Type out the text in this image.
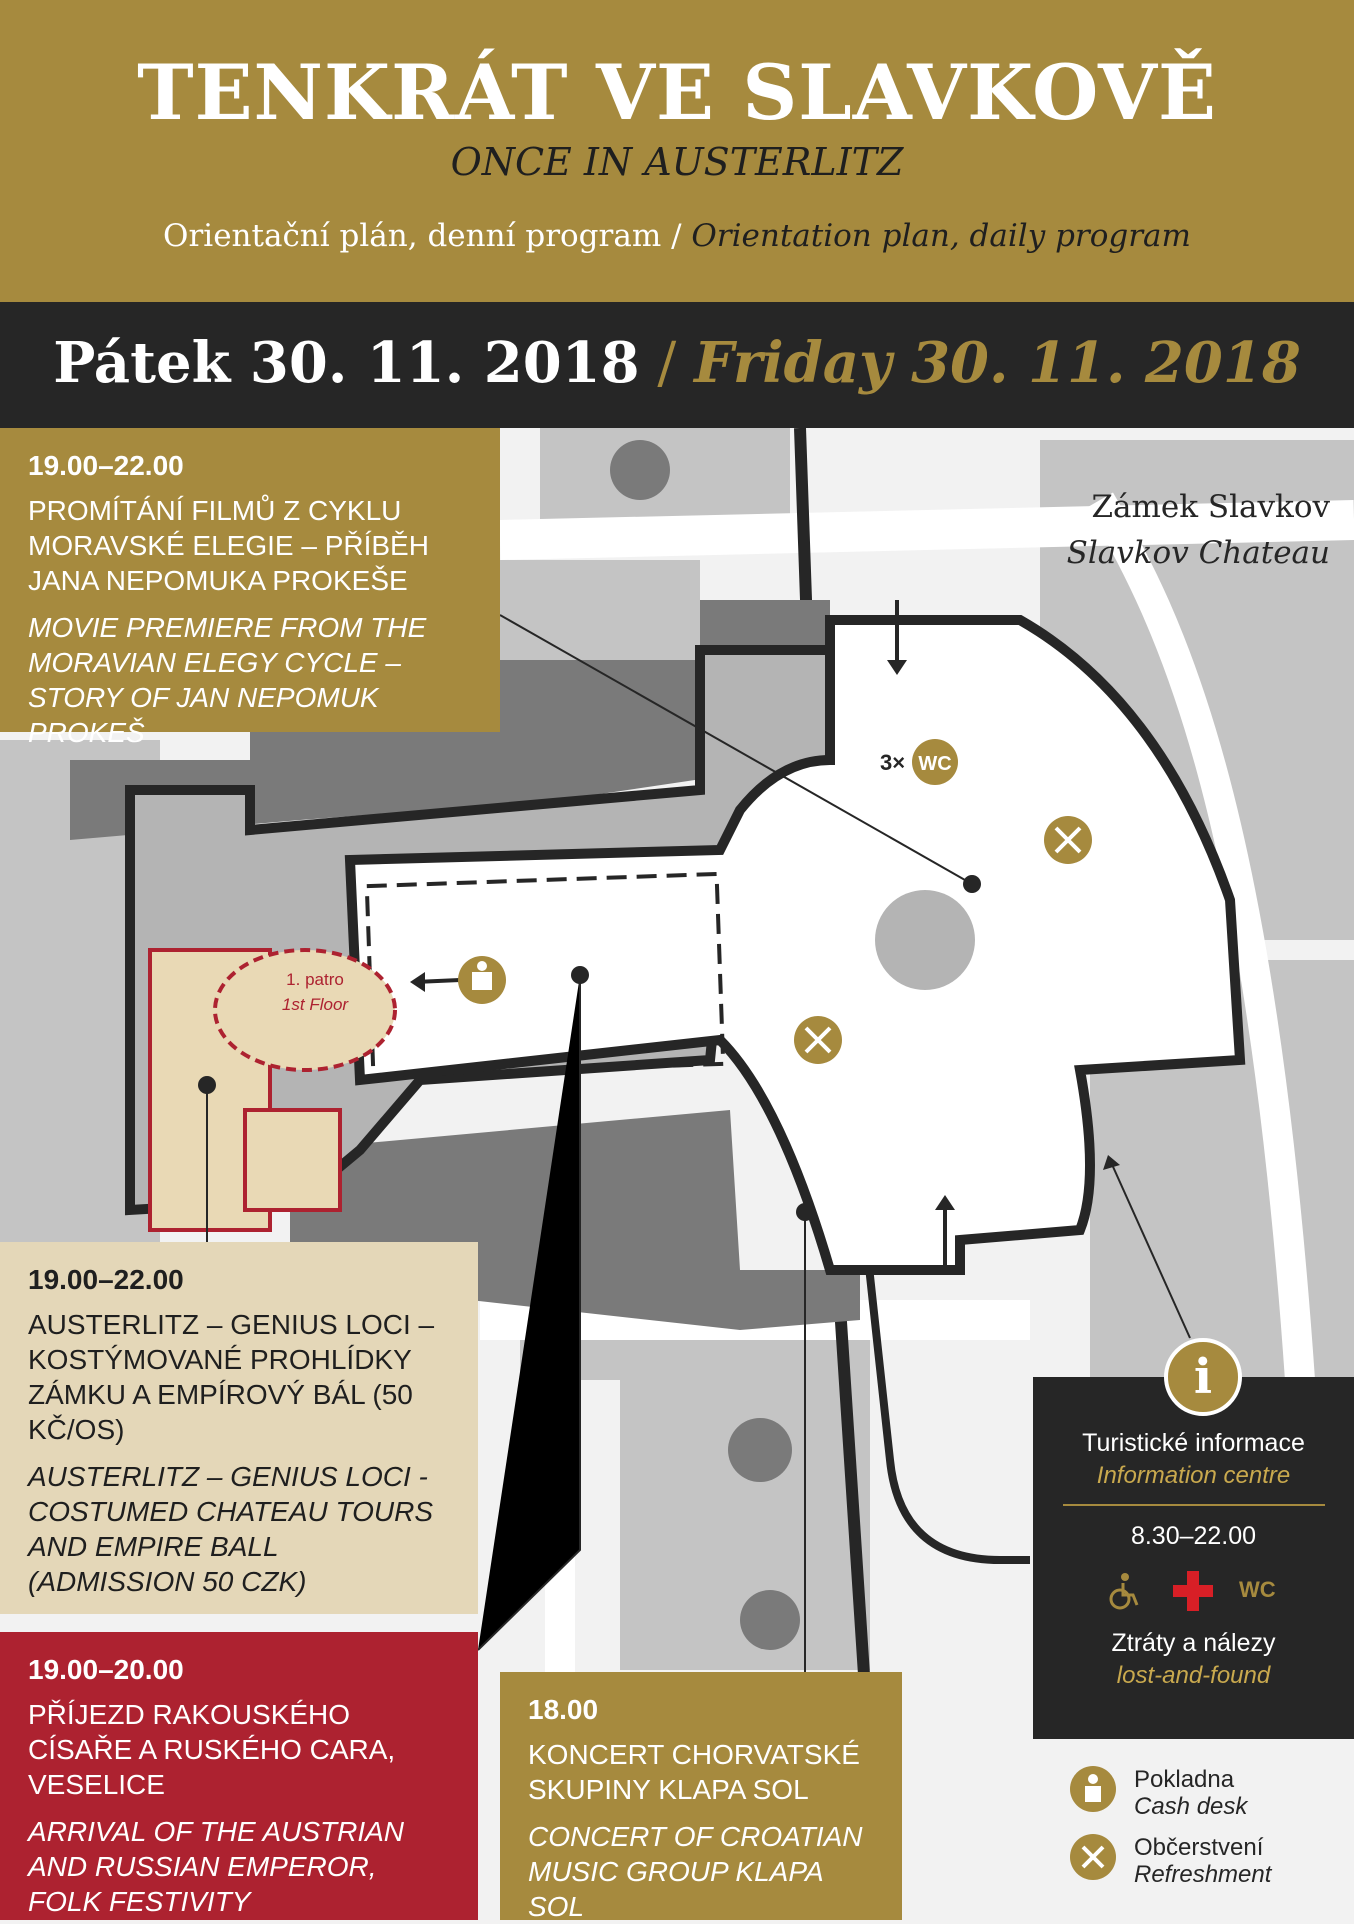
TENKRÁT VE SLAVKOVĚ
ONCE IN AUSTERLITZ
Orientační plán, denní program / Orientation plan, daily program
Pátek 30. 11. 2018 / Friday 30. 11. 2018
1. patro
1st Floor
3× WC
Zámek Slavkov
Slavkov Chateau
19.00–22.00
PROMÍTÁNÍ FILMŮ Z CYKLU MORAVSKÉ ELEGIE – PŘÍBĚH JANA NEPOMUKA PROKEŠE
MOVIE PREMIERE FROM THE MORAVIAN ELEGY CYCLE – STORY OF JAN NEPOMUK PROKEŠ
19.00–22.00
AUSTERLITZ – GENIUS LOCI – KOSTÝMOVANÉ PROHLÍDKY ZÁMKU A EMPÍROVÝ BÁL (50 KČ/OS)
AUSTERLITZ – GENIUS LOCI - COSTUMED CHATEAU TOURS AND EMPIRE BALL (ADMISSION 50 CZK)
19.00–20.00
PŘÍJEZD RAKOUSKÉHO CÍSAŘE A RUSKÉHO CARA, VESELICE
ARRIVAL OF THE AUSTRIAN AND RUSSIAN EMPEROR, FOLK FESTIVITY
18.00
KONCERT CHORVATSKÉ SKUPINY KLAPA SOL
CONCERT OF CROATIAN MUSIC GROUP KLAPA SOL
Turistické informace
Information centre
8.30–22.00
WC
Ztráty a nálezy
lost-and-found
i
Pokladna
Cash desk
Občerstvení
Refreshment
